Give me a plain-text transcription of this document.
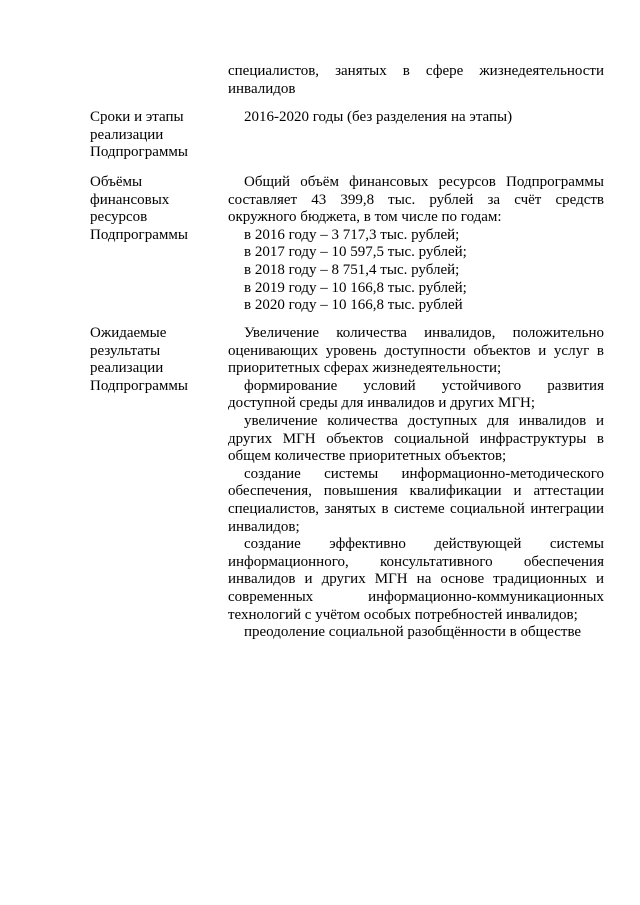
специалистов, занятых в сфере жизнедеятельности

инвалидов

Сроки и этапы
реализации
Подпрограммы

2016-2020 годы (без разделения на этапы)

Объёмы
финансовых
ресурсов
Подпрограммы

Общий объём финансовых ресурсов Подпрограммы

составляет 43 399,8 тыс. рублей за счёт средств

окружного бюджета, в том числе по годам:

в 2016 году – 3 717,3 тыс. рублей;

в 2017 году – 10 597,5 тыс. рублей;

в 2018 году – 8 751,4 тыс. рублей;

в 2019 году – 10 166,8 тыс. рублей;

в 2020 году – 10 166,8 тыс. рублей

Ожидаемые
результаты
реализации
Подпрограммы

Увеличение количества инвалидов, положительно

оценивающих уровень доступности объектов и услуг в

приоритетных сферах жизнедеятельности;

формирование условий устойчивого развития

доступной среды для инвалидов и других МГН;

увеличение количества доступных для инвалидов и

других МГН объектов социальной инфраструктуры в

общем количестве приоритетных объектов;

создание системы информационно-методического

обеспечения, повышения квалификации и аттестации

специалистов, занятых в системе социальной интеграции

инвалидов;

создание эффективно действующей системы

информационного, консультативного обеспечения

инвалидов и других МГН на основе традиционных и

современных информационно-коммуникационных

технологий с учётом особых потребностей инвалидов;

преодоление социальной разобщённости в обществе
